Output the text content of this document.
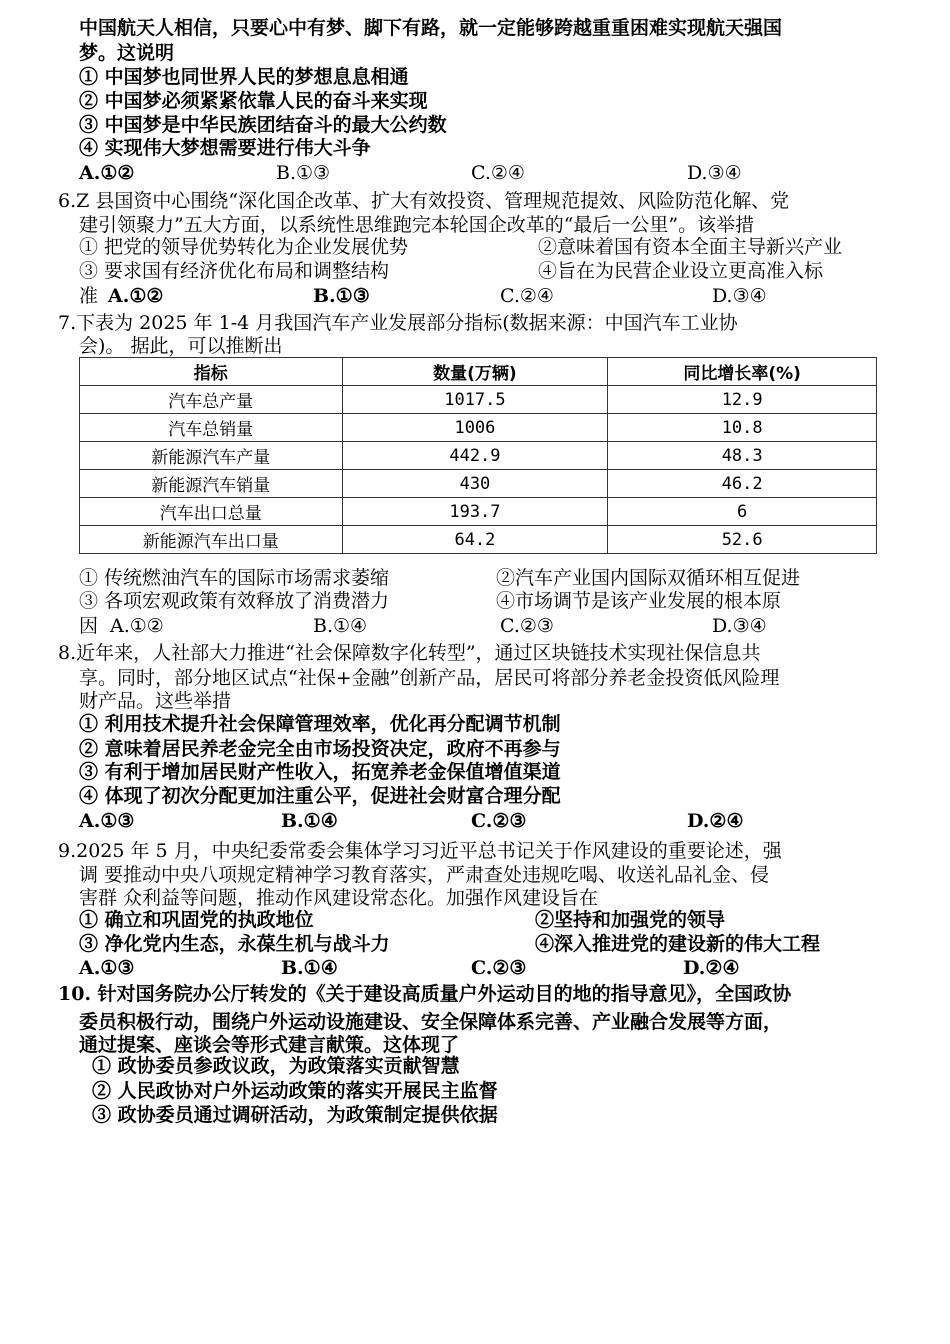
中国航天人相信，只要心中有梦、脚下有路，就一定能够跨越重重困难实现航天强国
梦。这说明
① 中国梦也同世界人民的梦想息息相通
② 中国梦必须紧紧依靠人民的奋斗来实现
③ 中国梦是中华民族团结奋斗的最大公约数
④ 实现伟大梦想需要进行伟大斗争
A.①②	B.①③	C.②④	D.③④
6.Z 县国资中心围绕“深化国企改革、扩大有效投资、管理规范提效、风险防范化解、党
建引领聚力”五大方面，以系统性思维跑完本轮国企改革的“最后一公里”。该举措
① 把党的领导优势转化为企业发展优势	②意味着国有资本全面主导新兴产业
③ 要求国有经济优化布局和调整结构	④旨在为民营企业设立更高准入标
准 A.①②	B.①③	C.②④	D.③④
7.下表为 2025 年 1-4 月我国汽车产业发展部分指标(数据来源：中国汽车工业协
会)。 据此，可以推断出
指标	数量(万辆)	同比增长率(%)
汽车总产量	1017.5	12.9
汽车总销量	1006	10.8
新能源汽车产量	442.9	48.3
新能源汽车销量	430	46.2
汽车出口总量	193.7	6
新能源汽车出口量	64.2	52.6
① 传统燃油汽车的国际市场需求萎缩	②汽车产业国内国际双循环相互促进
③ 各项宏观政策有效释放了消费潜力	④市场调节是该产业发展的根本原
因 A.①②	B.①④	C.②③	D.③④
8.近年来，人社部大力推进“社会保障数字化转型”，通过区块链技术实现社保信息共
享。同时，部分地区试点“社保+金融”创新产品，居民可将部分养老金投资低风险理
财产品。这些举措
① 利用技术提升社会保障管理效率，优化再分配调节机制
② 意味着居民养老金完全由市场投资决定，政府不再参与
③ 有利于增加居民财产性收入，拓宽养老金保值增值渠道
④ 体现了初次分配更加注重公平，促进社会财富合理分配
A.①③	B.①④	C.②③	D.②④
9.2025 年 5 月，中央纪委常委会集体学习习近平总书记关于作风建设的重要论述，强
调 要推动中央八项规定精神学习教育落实，严肃查处违规吃喝、收送礼品礼金、侵
害群 众利益等问题，推动作风建设常态化。加强作风建设旨在
① 确立和巩固党的执政地位	②坚持和加强党的领导
③ 净化党内生态，永葆生机与战斗力	④深入推进党的建设新的伟大工程
A.①③	B.①④	C.②③	D.②④
10. 针对国务院办公厅转发的《关于建设高质量户外运动目的地的指导意见》，全国政协
委员积极行动，围绕户外运动设施建设、安全保障体系完善、产业融合发展等方面，
通过提案、座谈会等形式建言献策。这体现了
① 政协委员参政议政，为政策落实贡献智慧
② 人民政协对户外运动政策的落实开展民主监督
③ 政协委员通过调研活动，为政策制定提供依据
